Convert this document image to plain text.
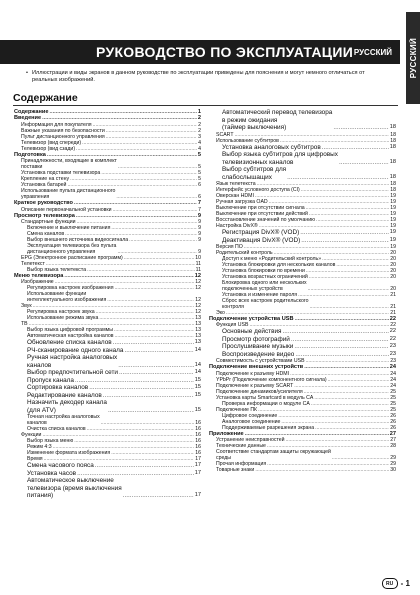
РУССКИЙ
РУКОВОДСТВО ПО ЭКСПЛУАТАЦИИ РУССКИЙ
• Иллюстрации и виды экранов в данном руководстве по эксплуатации приведены для пояснения и могут немного отличаться от реальных изображений.
Содержание
Содержание .....	1
Введение .....	2
Информация для покупателя .....	2
Важные указания по безопасности .....	2
Пульт дистанционного управления .....	3
Телевизор (вид спереди) .....	4
Телевизор (вид сзади) .....	4
Подготовка .....	5
Принадлежности, входящие в комплект
поставки .....	5
Установка подставки телевизора .....	5
Крепление на стену .....	5
Установка батарей .....	6
Использование пульта дистанционного
управления .....	6
Краткое руководство .....	7
Описание первоначальной установки .....	7
Просмотр телевизора .....	9
Стандартные функции .....	9
Включение и выключение питания .....	9
Смена каналов .....	9
Выбор внешнего источника видеосигнала .....	9
Эксплуатация телевизора без пульта
дистанционного управления .....	9
EPG (Электронное расписание программ) .....	10
Телетекст .....	11
Выбор языка телетекста .....	11
Меню телевизора .....	12
Изображение .....	12
Регулировка настроек изображения .....	12
Использование функции
интеллектуального изображения .....	12
Звук .....	12
Регулировка настроек звука .....	12
Использование режима звука .....	13
ТВ .....	13
Выбор языка цифровой программы .....	13
Автоматическая настройка каналов .....	13
Обновление списка каналов .....	13
РЧ-сканирование одного канала .....	14
Ручная настройка аналоговых
каналов .....	14
Выбор предпочтительной сети .....	14
Пропуск канала .....	15
Сортировка каналов .....	15
Редактирование каналов .....	15
Назначить декодер канала
(для ATV) .....	15
Точная настройка аналоговых
каналов .....	16
Очистка списка каналов .....	16
Функции .....	16
Выбор языка меню .....	16
Режим 4:3 .....	16
Изменение формата изображения .....	16
Время .....	17
Смена часового пояса .....	17
Установка часов .....	17
Автоматическое выключение
телевизора (время выключения
питания) .....	17
Автоматический перевод телевизора
в режим ожидания
(таймер выключения) .....	18
SCART .....	18
Использование субтитров .....	18
Установка аналоговых субтитров .....	18
Выбор языка субтитров для цифровых
телевизионных каналов .....	18
Выбор субтитров для
слабослышащих .....	18
Язык телетекста .....	18
Интерфейс условного доступа (CI) .....	18
Оверскан HDMI .....	19
Ручная загрузка OAD .....	19
Выключение при отсутствии сигнала .....	19
Выключение при отсутствии действий .....	19
Восстановление значений по умолчанию .....	19
Настройка DivX® .....	19
Регистрация DivX® (VOD) .....	19
Деактивация DivX® (VOD) .....	19
Версия ПО .....	19
Родительский контроль .....	20
Доступ к меню «Родительский контроль» .....	20
Установка блокировки для нескольких каналов .....	20
Установка блокировки по времени .....	20
Установка возрастных ограничений .....	20
Блокировка одного или нескольких
подключенных устройств .....	20
Установка и изменение пароля .....	21
Сброс всех настроек родительского
контроля .....	21
Эко .....	21
Подключение устройства USB .....	22
Функция USB .....	22
Основные действия .....	22
Просмотр фотографий .....	22
Прослушивание музыки .....	23
Воспроизведение видео .....	23
Совместимость с устройствами USB .....	23
Подключение внешних устройств .....	24
Подключение к разъему HDMI .....	24
YPbPr (Подключение компонентного сигнала) .....	24
Подключение к разъему SCART .....	24
Подключение динамиков/усилителя .....	25
Установка карты Smartcard в модуль CA .....	25
Проверка информации о модуле CA .....	25
Подключение ПК .....	25
Цифровое соединение .....	26
Аналоговое соединение .....	26
Поддерживаемые разрешения экрана .....	26
Приложение .....	27
Устранение неисправностей .....	27
Технические данные .....	28
Соответствие стандартам защиты окружающей
среды .....	29
Прочая информация .....	29
Товарные знаки .....	30
RU - 1
